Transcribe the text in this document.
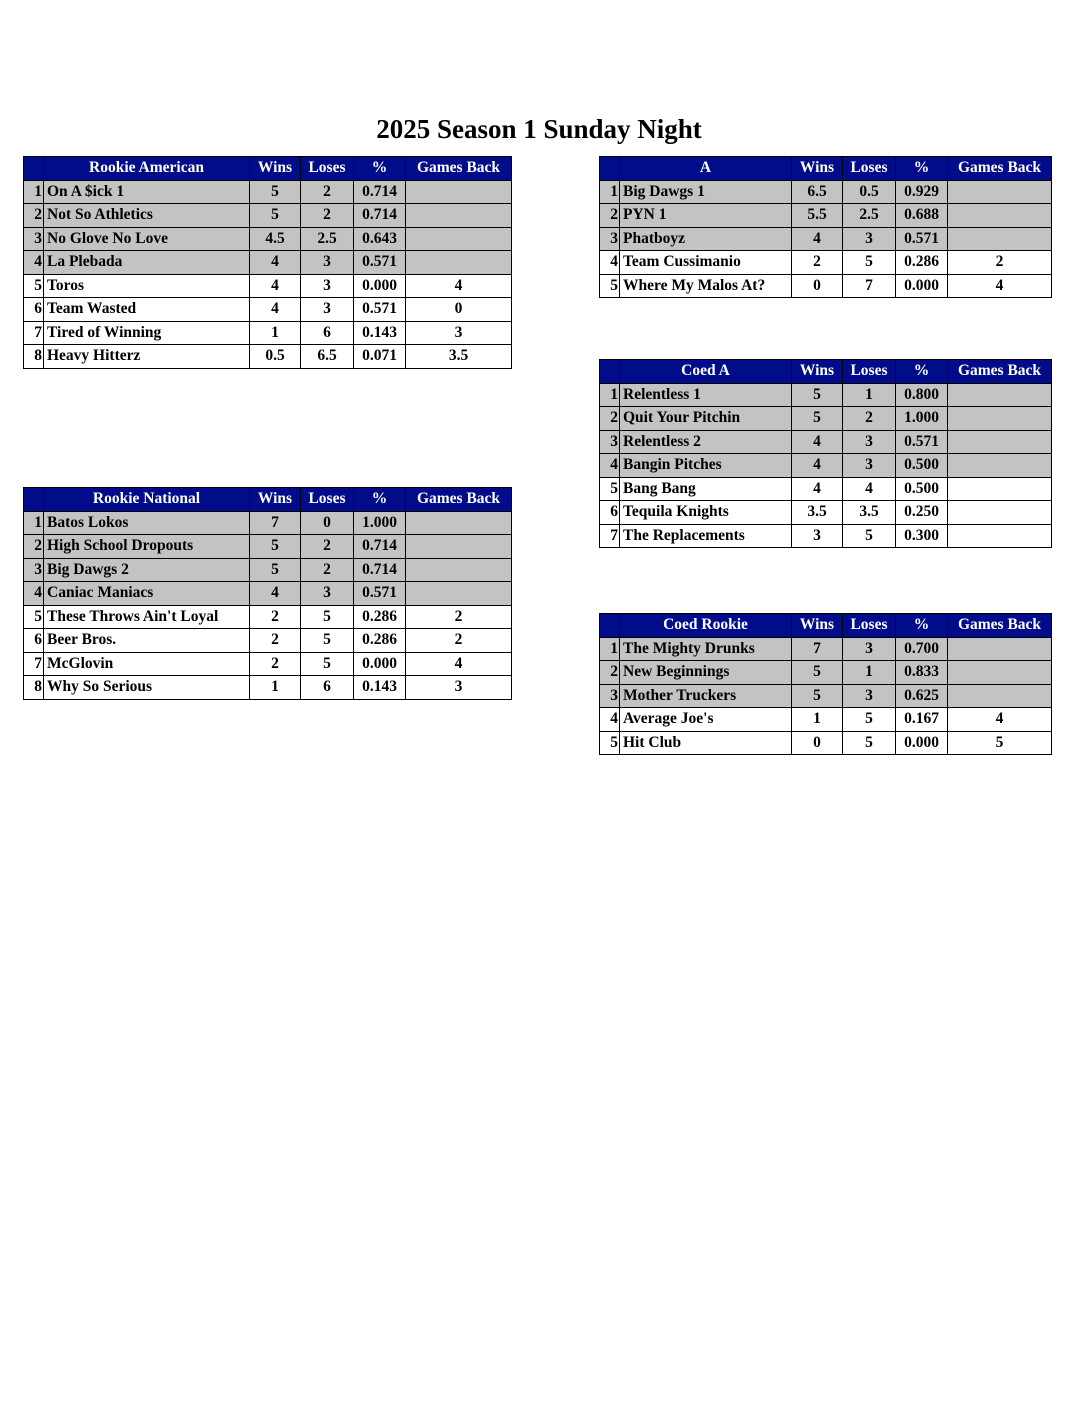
2025 Season 1 Sunday Night
	Rookie American	Wins	Loses	%	Games Back
1	On A $ick 1	5	2	0.714	
2	Not So Athletics	5	2	0.714	
3	No Glove No Love	4.5	2.5	0.643	
4	La Plebada	4	3	0.571	
5	Toros	4	3	0.000	4
6	Team Wasted	4	3	0.571	0
7	Tired of Winning	1	6	0.143	3
8	Heavy Hitterz	0.5	6.5	0.071	3.5
	Rookie National	Wins	Loses	%	Games Back
1	Batos Lokos	7	0	1.000	
2	High School Dropouts	5	2	0.714	
3	Big Dawgs 2	5	2	0.714	
4	Caniac Maniacs	4	3	0.571	
5	These Throws Ain't Loyal	2	5	0.286	2
6	Beer Bros.	2	5	0.286	2
7	McGlovin	2	5	0.000	4
8	Why So Serious	1	6	0.143	3
	A	Wins	Loses	%	Games Back
1	Big Dawgs 1	6.5	0.5	0.929	
2	PYN 1	5.5	2.5	0.688	
3	Phatboyz	4	3	0.571	
4	Team Cussimanio	2	5	0.286	2
5	Where My Malos At?	0	7	0.000	4
	Coed A	Wins	Loses	%	Games Back
1	Relentless 1	5	1	0.800	
2	Quit Your Pitchin	5	2	1.000	
3	Relentless 2	4	3	0.571	
4	Bangin Pitches	4	3	0.500	
5	Bang Bang	4	4	0.500	
6	Tequila Knights	3.5	3.5	0.250	
7	The Replacements	3	5	0.300	
	Coed Rookie	Wins	Loses	%	Games Back
1	The Mighty Drunks	7	3	0.700	
2	New Beginnings	5	1	0.833	
3	Mother Truckers	5	3	0.625	
4	Average Joe's	1	5	0.167	4
5	Hit Club	0	5	0.000	5
